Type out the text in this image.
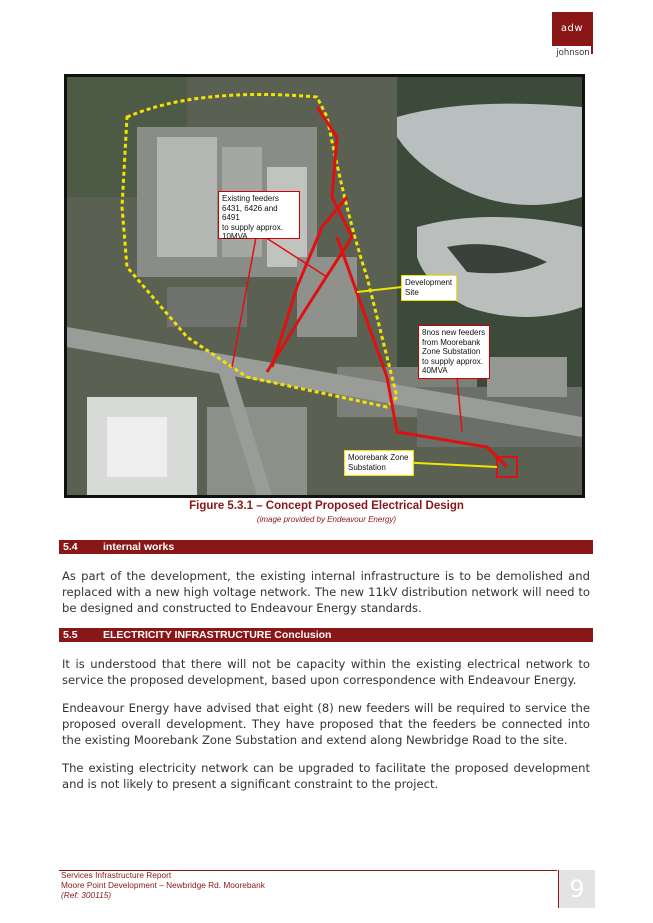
adw
johnson
Existing feeders
6431, 6426 and 6491
to supply approx.
10MVA
Development
Site
8nos new feeders
from Moorebank
Zone Substation
to supply approx.
40MVA
Moorebank Zone
Substation
Figure 5.3.1 – Concept Proposed Electrical Design
(image provided by Endeavour Energy)
5.4 internal works

As part of the development, the existing internal infrastructure is to be demolished and replaced with a new high voltage network. The new 11kV distribution network will need to be designed and constructed to Endeavour Energy standards.

5.5 ELECTRICITY INFRASTRUCTURE Conclusion

It is understood that there will not be capacity within the existing electrical network to service the proposed development, based upon correspondence with Endeavour Energy.

Endeavour Energy have advised that eight (8) new feeders will be required to service the proposed overall development. They have proposed that the feeders be connected into the existing Moorebank Zone Substation and extend along Newbridge Road to the site.

The existing electricity network can be upgraded to facilitate the proposed development and is not likely to present a significant constraint to the project.

Services Infrastructure Report
Moore Point Development – Newbridge Rd. Moorebank
(Ref: 300115)	9
